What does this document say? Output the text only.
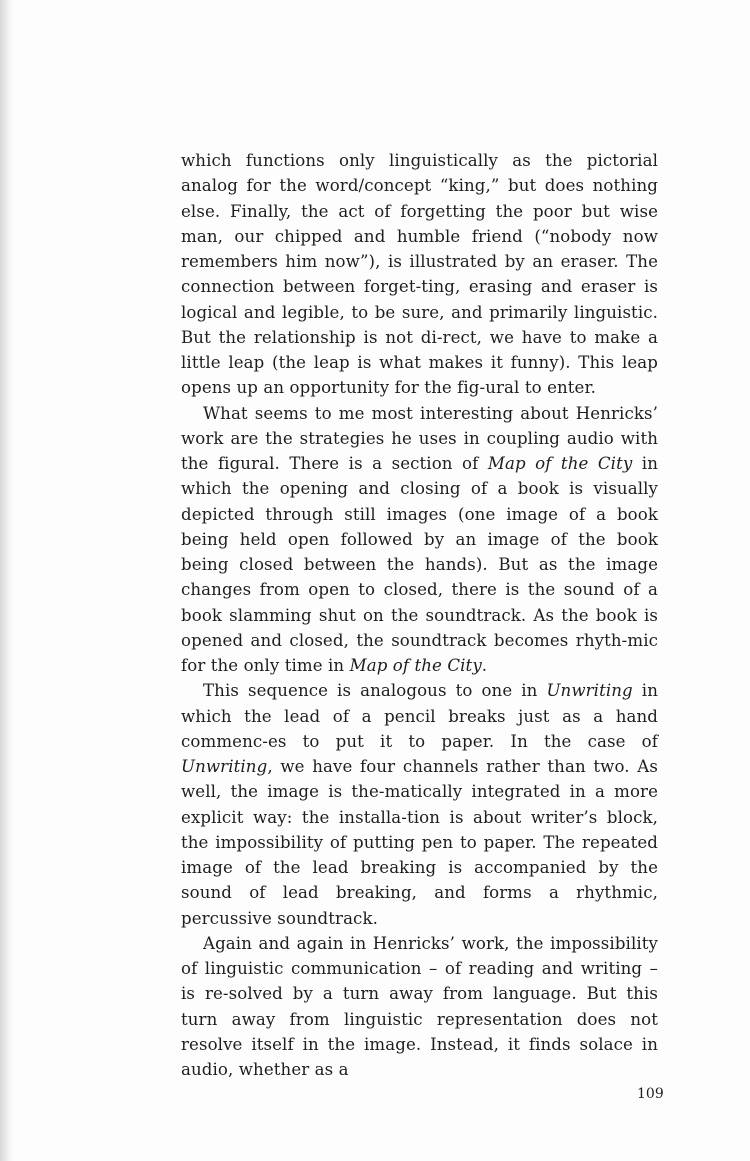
which functions only linguistically as the pictorial analog for the word/concept “king,” but does nothing else. Finally, the act of forgetting the poor but wise man, our chipped and humble friend (“nobody now remembers him now”), is illustrated by an eraser. The connection between forget-ting, erasing and eraser is logical and legible, to be sure, and primarily linguistic. But the relationship is not di-rect, we have to make a little leap (the leap is what makes it funny). This leap opens up an opportunity for the fig-ural to enter.

What seems to me most interesting about Henricks’ work are the strategies he uses in coupling audio with the figural. There is a section of Map of the City in which the opening and closing of a book is visually depicted through still images (one image of a book being held open followed by an image of the book being closed between the hands). But as the image changes from open to closed, there is the sound of a book slamming shut on the soundtrack. As the book is opened and closed, the soundtrack becomes rhyth-mic for the only time in Map of the City.

This sequence is analogous to one in Unwriting in which the lead of a pencil breaks just as a hand commenc-es to put it to paper. In the case of Unwriting, we have four channels rather than two. As well, the image is the-matically integrated in a more explicit way: the installa-tion is about writer’s block, the impossibility of putting pen to paper. The repeated image of the lead breaking is accompanied by the sound of lead breaking, and forms a rhythmic, percussive soundtrack.

Again and again in Henricks’ work, the impossibility of linguistic communication – of reading and writing – is re-solved by a turn away from language. But this turn away from linguistic representation does not resolve itself in the image. Instead, it finds solace in audio, whether as a

109
